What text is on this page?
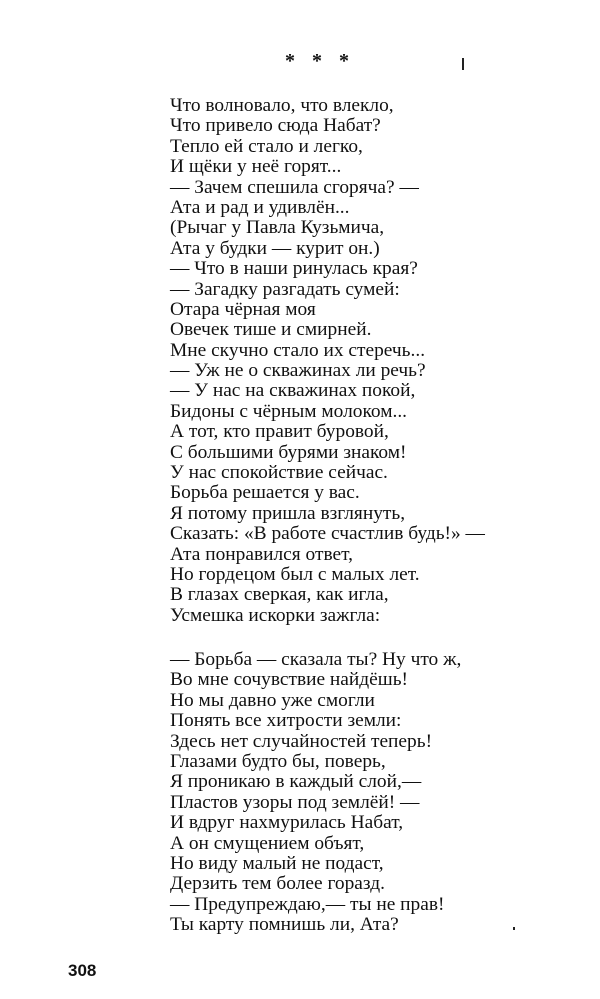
* * *
Что волновало, что влекло,
Что привело сюда Набат?
Тепло ей стало и легко,
И щёки у неё горят...
— Зачем спешила сгоряча? —
Ата и рад и удивлён...
(Рычаг у Павла Кузьмича,
Ата у будки — курит он.)
— Что в наши ринулась края?
— Загадку разгадать сумей:
Отара чёрная моя
Овечек тише и смирней.
Мне скучно стало их стеречь...
— Уж не о скважинах ли речь?
— У нас на скважинах покой,
Бидоны с чёрным молоком...
А тот, кто правит буровой,
С большими бурями знаком!
У нас спокойствие сейчас.
Борьба решается у вас.
Я потому пришла взглянуть,
Сказать: «В работе счастлив будь!» —
Ата понравился ответ,
Но гордецом был с малых лет.
В глазах сверкая, как игла,
Усмешка искорки зажгла:
— Борьба — сказала ты? Ну что ж,
Во мне сочувствие найдёшь!
Но мы давно уже смогли
Понять все хитрости земли:
Здесь нет случайностей теперь!
Глазами будто бы, поверь,
Я проникаю в каждый слой,—
Пластов узоры под землёй! —
И вдруг нахмурилась Набат,
А он смущением объят,
Но виду малый не подаст,
Дерзить тем более горазд.
— Предупреждаю,— ты не прав!
Ты карту помнишь ли, Ата?
308
